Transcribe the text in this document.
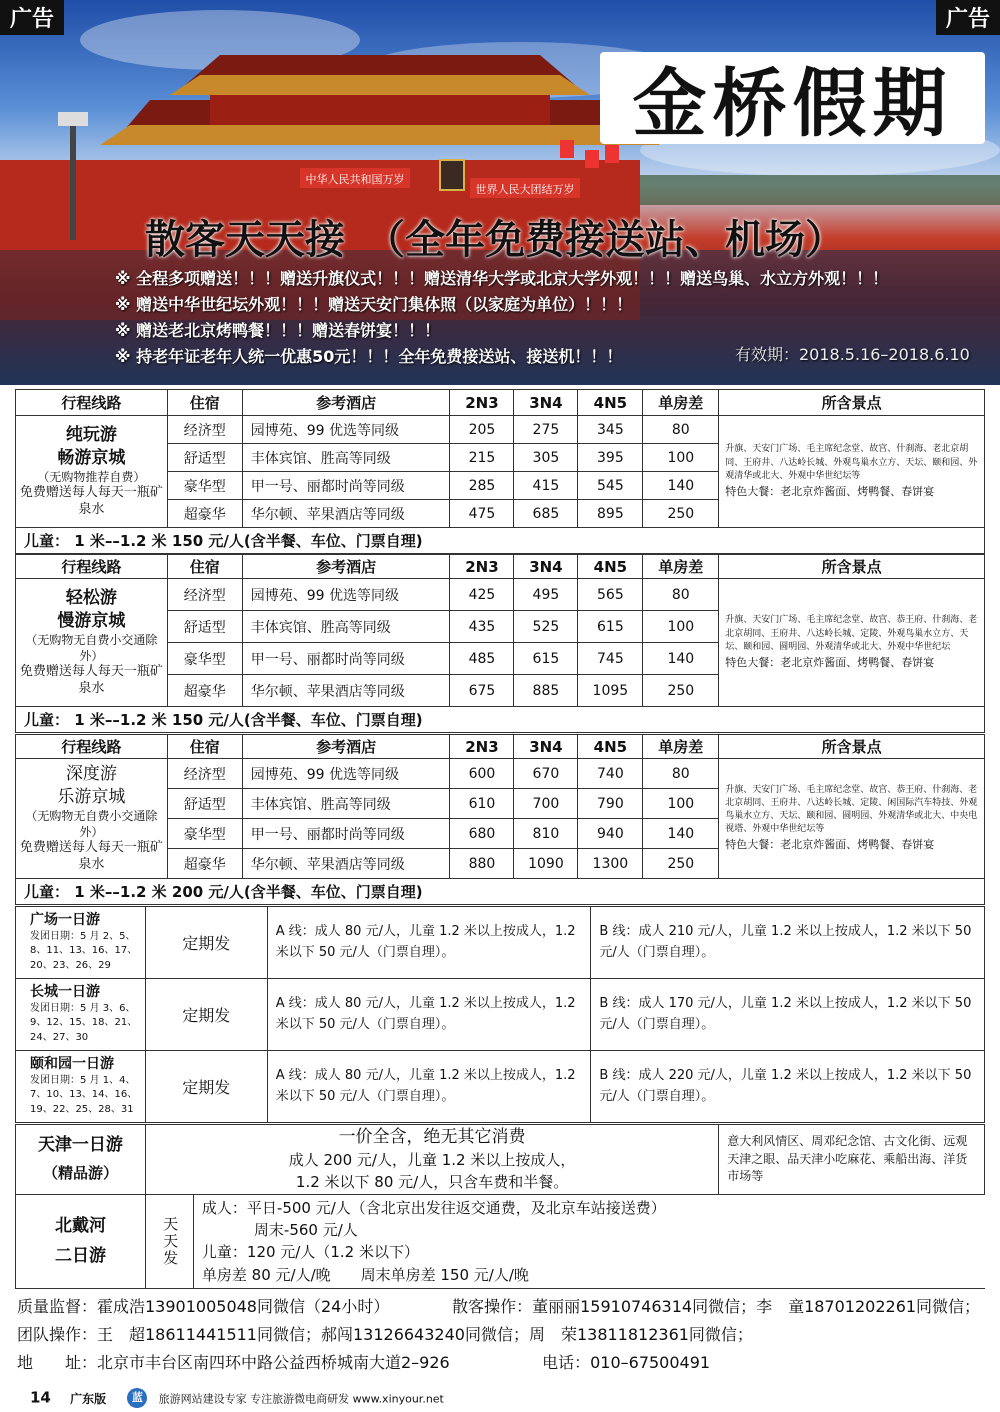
中华人民共和国万岁
世界人民大团结万岁
金桥假期
散客天天接　（全年免费接送站、机场）
※ 全程多项赠送！！！赠送升旗仪式！！！赠送清华大学或北京大学外观！！！赠送鸟巢、水立方外观！！！
※ 赠送中华世纪坛外观！！！赠送天安门集体照（以家庭为单位）！！！
※ 赠送老北京烤鸭餐！！！赠送春饼宴！！！
※ 持老年证老年人统一优惠50元！！！全年免费接送站、接送机！！！	有效期：2018.5.16–2018.6.10
广告	广告
行程线路	住宿	参考酒店	2N3	3N4	4N5	单房差	所含景点
纯玩游
畅游京城
（无购物推荐自费）
免费赠送每人每天一瓶矿泉水	经济型	园博苑、99 优选等同级	205	275	345	80	升旗、天安门广场、毛主席纪念堂、故宫、什刹海、老北京胡同、王府井、八达岭长城、外观鸟巢水立方、天坛、颐和园、外观清华或北大、外观中华世纪坛等
特色大餐：老北京炸酱面、烤鸭餐、春饼宴

	舒适型	丰体宾馆、胜高等同级	215	305	395	100	
	豪华型	甲一号、丽都时尚等同级	285	415	545	140	
	超豪华	华尔顿、苹果酒店等同级	475	685	895	250	
儿童： 1 米––1.2 米 150 元/人(含半餐、车位、门票自理)							
行程线路	住宿	参考酒店	2N3	3N4	4N5	单房差	所含景点
轻松游
慢游京城
（无购物无自费小交通除外）
免费赠送每人每天一瓶矿泉水	经济型	园博苑、99 优选等同级	425	495	565	80	升旗、天安门广场、毛主席纪念堂、故宫、恭王府、什刹海、老北京胡同、王府井、八达岭长城、定陵、外观鸟巢水立方、天坛、颐和园、圆明园、外观清华或北大、外观中华世纪坛
特色大餐：老北京炸酱面、烤鸭餐、春饼宴

	舒适型	丰体宾馆、胜高等同级	435	525	615	100	
	豪华型	甲一号、丽都时尚等同级	485	615	745	140	
	超豪华	华尔顿、苹果酒店等同级	675	885	1095	250	
儿童： 1 米––1.2 米 150 元/人(含半餐、车位、门票自理)							
行程线路	住宿	参考酒店	2N3	3N4	4N5	单房差	所含景点
深度游
乐游京城
（无购物无自费小交通除外）
免费赠送每人每天一瓶矿泉水	经济型	园博苑、99 优选等同级	600	670	740	80	升旗、天安门广场、毛主席纪念堂、故宫、恭王府、什刹海、老北京胡同、王府井、八达岭长城、定陵、闲国际汽车特技、外观鸟巢水立方、天坛、颐和园、圆明园、外观清华或北大、中央电视塔、外观中华世纪坛等
特色大餐：老北京炸酱面、烤鸭餐、春饼宴

	舒适型	丰体宾馆、胜高等同级	610	700	790	100	
	豪华型	甲一号、丽都时尚等同级	680	810	940	140	
	超豪华	华尔顿、苹果酒店等同级	880	1090	1300	250	
儿童： 1 米––1.2 米 200 元/人(含半餐、车位、门票自理)							
广场一日游
发团日期：5 月 2、5、8、11、13、16、17、20、23、26、29	定期发	A 线：成人 80 元/人，儿童 1.2 米以上按成人，1.2 米以下 50 元/人（门票自理）。	B 线：成人 210 元/人，儿童 1.2 米以上按成人，1.2 米以下 50 元/人（门票自理）。
长城一日游
发团日期：5 月 3、6、9、12、15、18、21、24、27、30	定期发	A 线：成人 80 元/人，儿童 1.2 米以上按成人，1.2 米以下 50 元/人（门票自理）。	B 线：成人 170 元/人，儿童 1.2 米以上按成人，1.2 米以下 50 元/人（门票自理）。
颐和园一日游
发团日期：5 月 1、4、7、10、13、14、16、19、22、25、28、31	定期发	A 线：成人 80 元/人，儿童 1.2 米以上按成人，1.2 米以下 50 元/人（门票自理）。	B 线：成人 220 元/人，儿童 1.2 米以上按成人，1.2 米以下 50 元/人（门票自理）。
天津一日游
（精品游）	一价全含，绝无其它消费
成人 200 元/人，儿童 1.2 米以上按成人，
1.2 米以下 80 元/人，只含车费和半餐。	意大利风情区、周邓纪念馆、古文化街、远观天津之眼、品天津小吃麻花、乘船出海、洋货市场等
北戴河
二日游	天天发	成人：平日-500 元/人（含北京出发往返交通费，及北京车站接送费）
周末-560 元/人
儿童：120 元/人（1.2 米以下）
单房差 80 元/人/晚　　周末单房差 150 元/人/晚
质量监督：霍成浩13901005048同微信（24小时）	散客操作：董丽丽15910746314同微信；李　童18701202261同微信；
团队操作：王　超18611441511同微信；郝闯13126643240同微信；周　荣13811812361同微信；
地　　址：北京市丰台区南四环中路公益西桥城南大道2–926	电话：010–67500491
14 广东版 蓝 旅游网站建设专家 专注旅游微电商研发 www.xinyour.net
